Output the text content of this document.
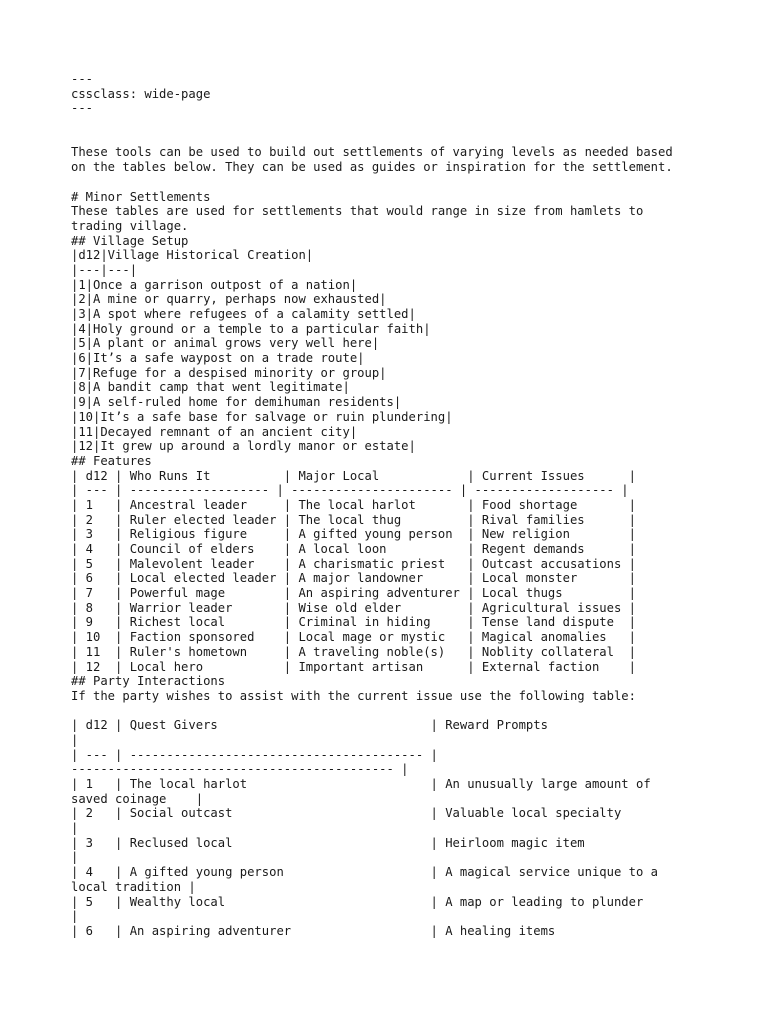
---
cssclass: wide-page
---
These tools can be used to build out settlements of varying levels as needed based
on the tables below. They can be used as guides or inspiration for the settlement.
# Minor Settlements
These tables are used for settlements that would range in size from hamlets to
trading village.
## Village Setup
|d12|Village Historical Creation|
|---|---|
|1|Once a garrison outpost of a nation|
|2|A mine or quarry, perhaps now exhausted|
|3|A spot where refugees of a calamity settled|
|4|Holy ground or a temple to a particular faith|
|5|A plant or animal grows very well here|
|6|It’s a safe waypost on a trade route|
|7|Refuge for a despised minority or group|
|8|A bandit camp that went legitimate|
|9|A self-ruled home for demihuman residents|
|10|It’s a safe base for salvage or ruin plundering|
|11|Decayed remnant of an ancient city|
|12|It grew up around a lordly manor or estate|
## Features
| d12 | Who Runs It          | Major Local            | Current Issues      |
| --- | ------------------- | ---------------------- | ------------------- |
| 1   | Ancestral leader     | The local harlot       | Food shortage       |
| 2   | Ruler elected leader | The local thug         | Rival families      |
| 3   | Religious figure     | A gifted young person  | New religion        |
| 4   | Council of elders    | A local loon           | Regent demands      |
| 5   | Malevolent leader    | A charismatic priest   | Outcast accusations |
| 6   | Local elected leader | A major landowner      | Local monster       |
| 7   | Powerful mage        | An aspiring adventurer | Local thugs         |
| 8   | Warrior leader       | Wise old elder         | Agricultural issues |
| 9   | Richest local        | Criminal in hiding     | Tense land dispute  |
| 10  | Faction sponsored    | Local mage or mystic   | Magical anomalies   |
| 11  | Ruler's hometown     | A traveling noble(s)   | Noblity collateral  |
| 12  | Local hero           | Important artisan      | External faction    |
## Party Interactions
If the party wishes to assist with the current issue use the following table:
| d12 | Quest Givers                             | Reward Prompts
|
| --- | ---------------------------------------- |
-------------------------------------------- |
| 1   | The local harlot                         | An unusually large amount of
saved coinage    |
| 2   | Social outcast                           | Valuable local specialty
|
| 3   | Reclused local                           | Heirloom magic item
|
| 4   | A gifted young person                    | A magical service unique to a
local tradition |
| 5   | Wealthy local                            | A map or leading to plunder
|
| 6   | An aspiring adventurer                   | A healing items
